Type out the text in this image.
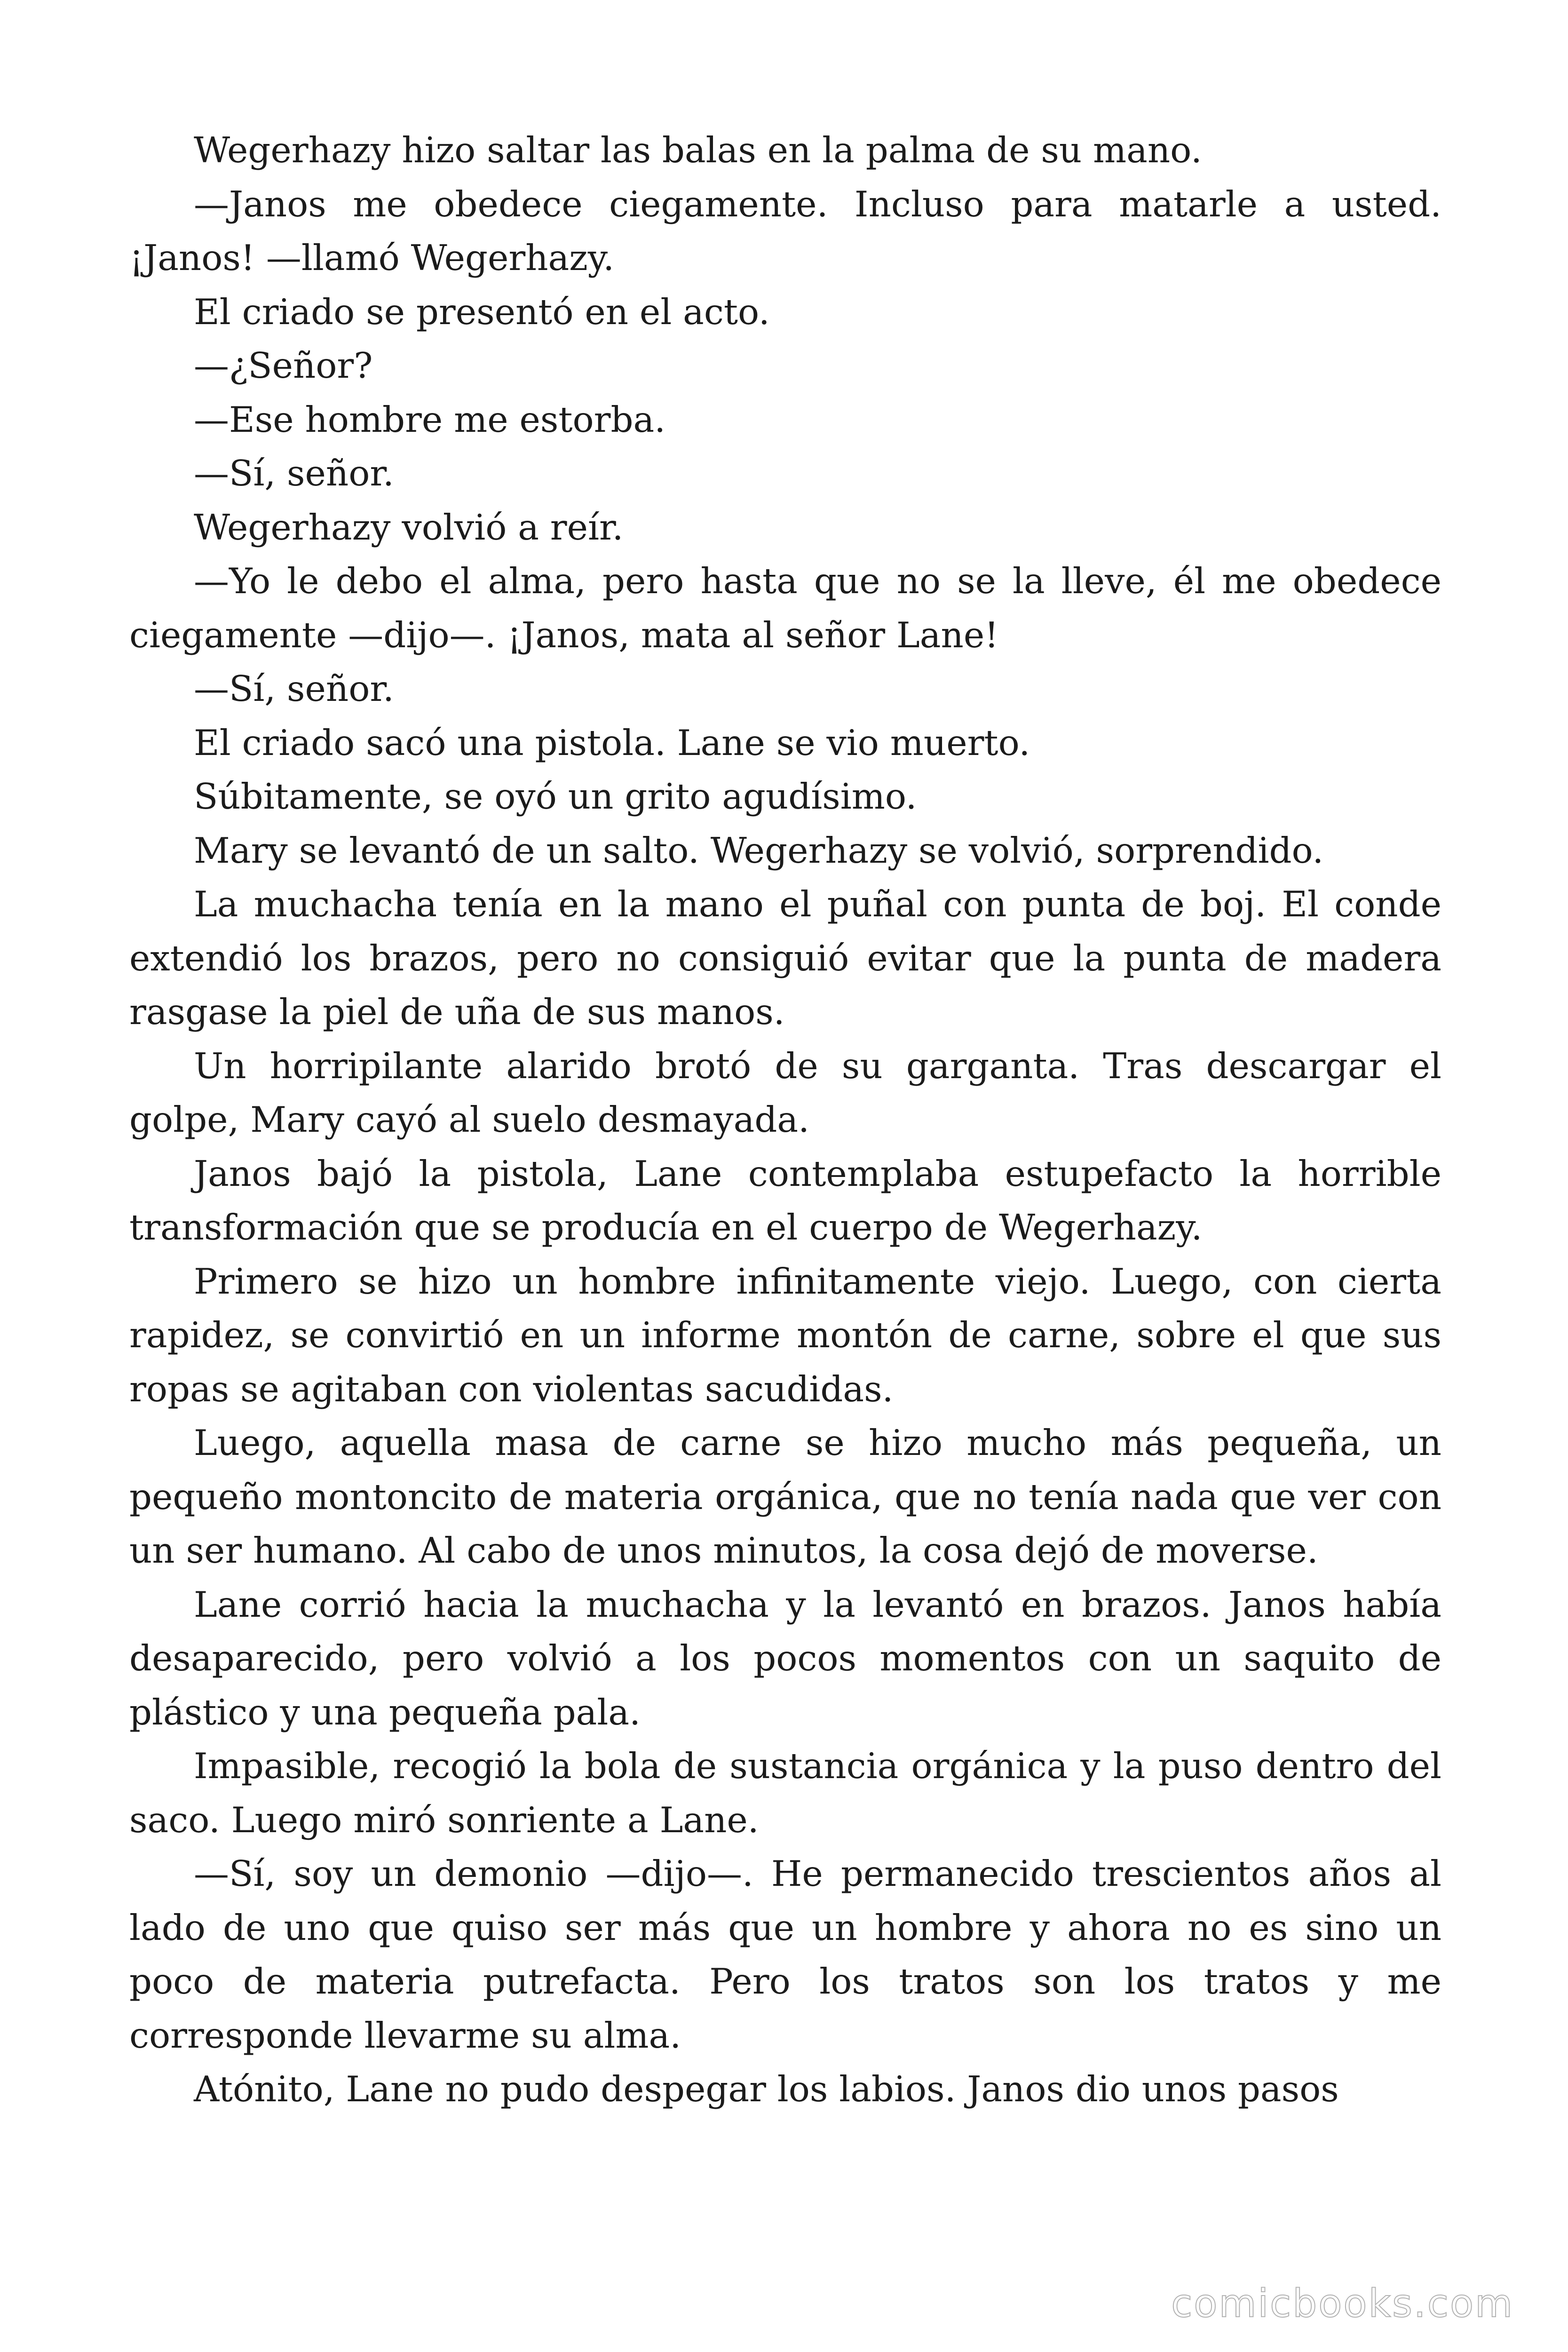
Wegerhazy hizo saltar las balas en la palma de su mano.

—Janos me obedece ciegamente. Incluso para matarle a usted. ¡Janos! —llamó Wegerhazy.

El criado se presentó en el acto.

—¿Señor?

—Ese hombre me estorba.

—Sí, señor.

Wegerhazy volvió a reír.

—Yo le debo el alma, pero hasta que no se la lleve, él me obedece ciegamente —dijo—. ¡Janos, mata al señor Lane!

—Sí, señor.

El criado sacó una pistola. Lane se vio muerto.

Súbitamente, se oyó un grito agudísimo.

Mary se levantó de un salto. Wegerhazy se volvió, sorprendido.

La muchacha tenía en la mano el puñal con punta de boj. El conde extendió los brazos, pero no consiguió evitar que la punta de madera rasgase la piel de uña de sus manos.

Un horripilante alarido brotó de su garganta. Tras descargar el golpe, Mary cayó al suelo desmayada.

Janos bajó la pistola, Lane contemplaba estupefacto la horrible transformación que se producía en el cuerpo de Wegerhazy.

Primero se hizo un hombre infinitamente viejo. Luego, con cierta rapidez, se convirtió en un informe montón de carne, sobre el que sus ropas se agitaban con violentas sacudidas.

Luego, aquella masa de carne se hizo mucho más pequeña, un pequeño montoncito de materia orgánica, que no tenía nada que ver con un ser humano. Al cabo de unos minutos, la cosa dejó de moverse.

Lane corrió hacia la muchacha y la levantó en brazos. Janos había desaparecido, pero volvió a los pocos momentos con un saquito de plástico y una pequeña pala.

Impasible, recogió la bola de sustancia orgánica y la puso dentro del saco. Luego miró sonriente a Lane.

—Sí, soy un demonio —dijo—. He permanecido trescientos años al lado de uno que quiso ser más que un hombre y ahora no es sino un poco de materia putrefacta. Pero los tratos son los tratos y me corresponde llevarme su alma.

Atónito, Lane no pudo despegar los labios. Janos dio unos pasos

comicbooks.com
